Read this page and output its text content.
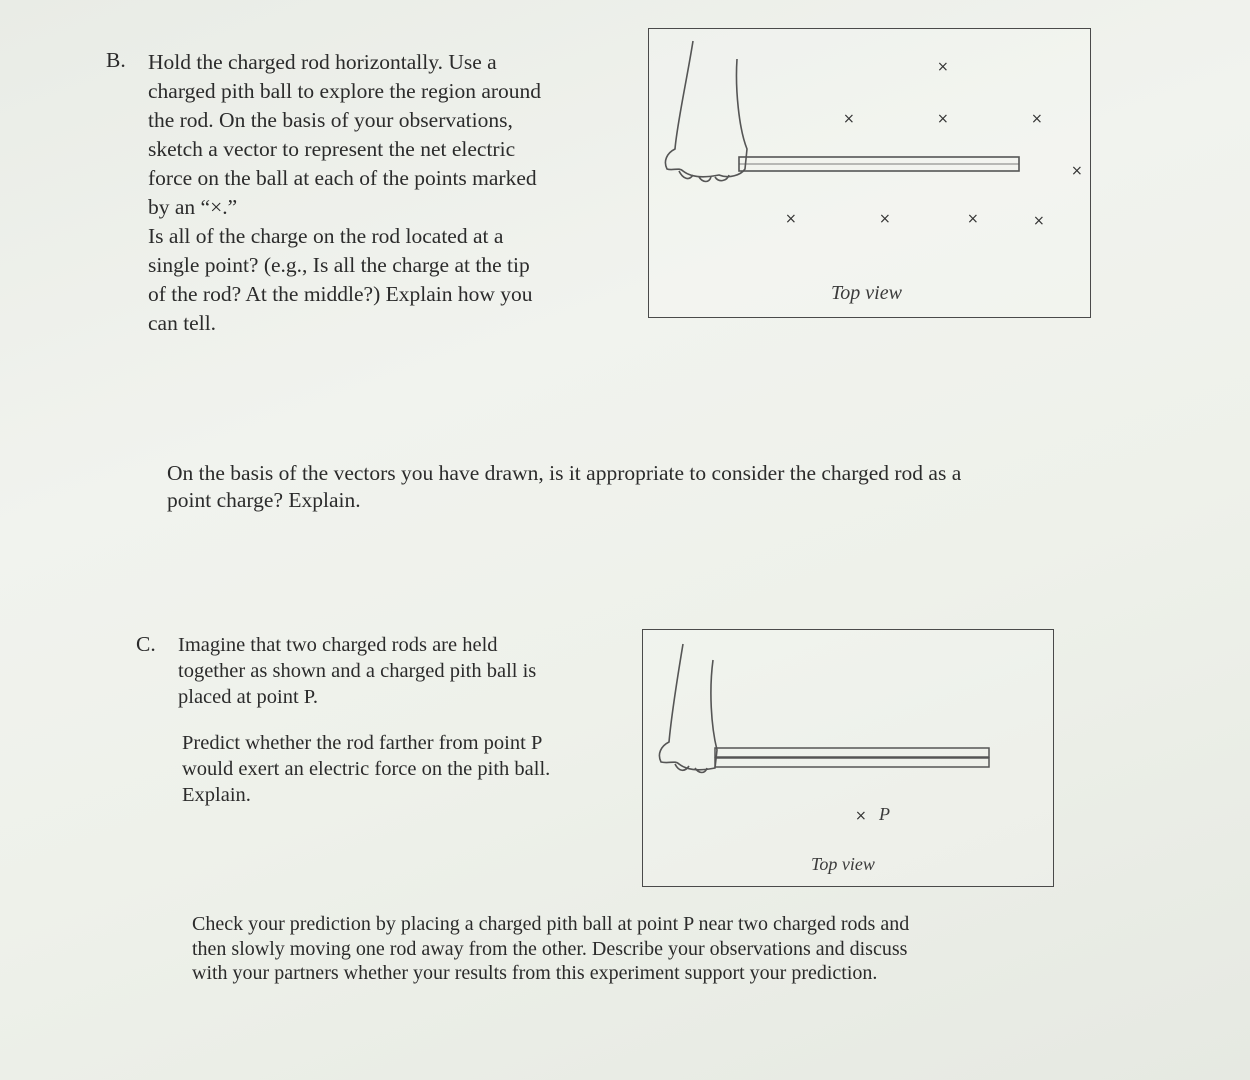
B. Hold the charged rod horizontally. Use a

charged pith ball to explore the region around

the rod. On the basis of your observations,

sketch a vector to represent the net electric

force on the ball at each of the points marked

by an “×.”

Is all of the charge on the rod located at a

single point? (e.g., Is all the charge at the tip

of the rod? At the middle?) Explain how you

can tell.

×
×	×	×
×
×	×	×	×
Top view

On the basis of the vectors you have drawn, is it appropriate to consider the charged rod as a

point charge? Explain.

C. Imagine that two charged rods are held

together as shown and a charged pith ball is

placed at point P.

Predict whether the rod farther from point P

would exert an electric force on the pith ball.

Explain.

× P
Top view

Check your prediction by placing a charged pith ball at point P near two charged rods and

then slowly moving one rod away from the other. Describe your observations and discuss

with your partners whether your results from this experiment support your prediction.
